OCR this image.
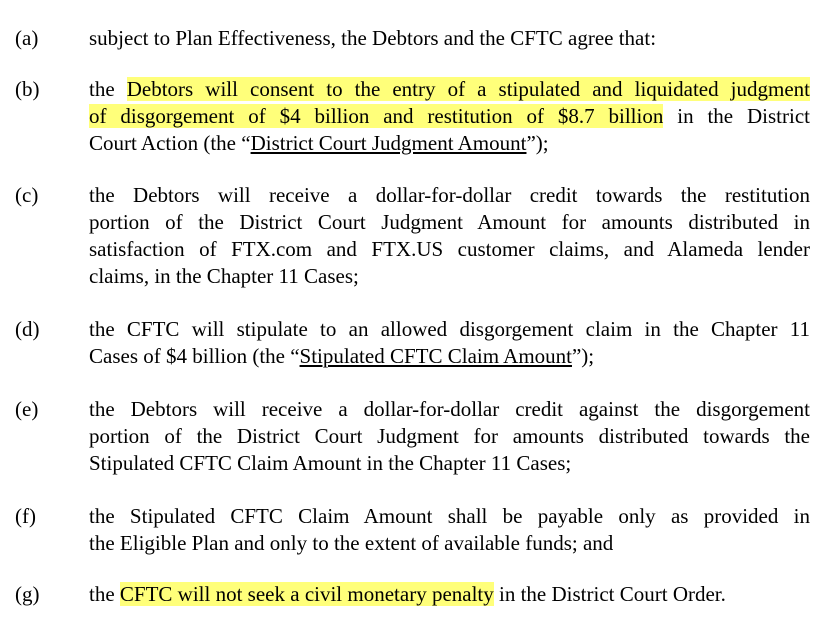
(a) subject to Plan Effectiveness, the Debtors and the CFTC agree that:
(b) the Debtors will consent to the entry of a stipulated and liquidated judgment
of disgorgement of $4 billion and restitution of $8.7 billion in the District
Court Action (the “District Court Judgment Amount”);
(c) the Debtors will receive a dollar-for-dollar credit towards the restitution
portion of the District Court Judgment Amount for amounts distributed in
satisfaction of FTX.com and FTX.US customer claims, and Alameda lender
claims, in the Chapter 11 Cases;
(d) the CFTC will stipulate to an allowed disgorgement claim in the Chapter 11
Cases of $4 billion (the “Stipulated CFTC Claim Amount”);
(e) the Debtors will receive a dollar-for-dollar credit against the disgorgement
portion of the District Court Judgment for amounts distributed towards the
Stipulated CFTC Claim Amount in the Chapter 11 Cases;
(f)	the Stipulated CFTC Claim Amount shall be payable only as provided in
the Eligible Plan and only to the extent of available funds; and
(g) the CFTC will not seek a civil monetary penalty in the District Court Order.
